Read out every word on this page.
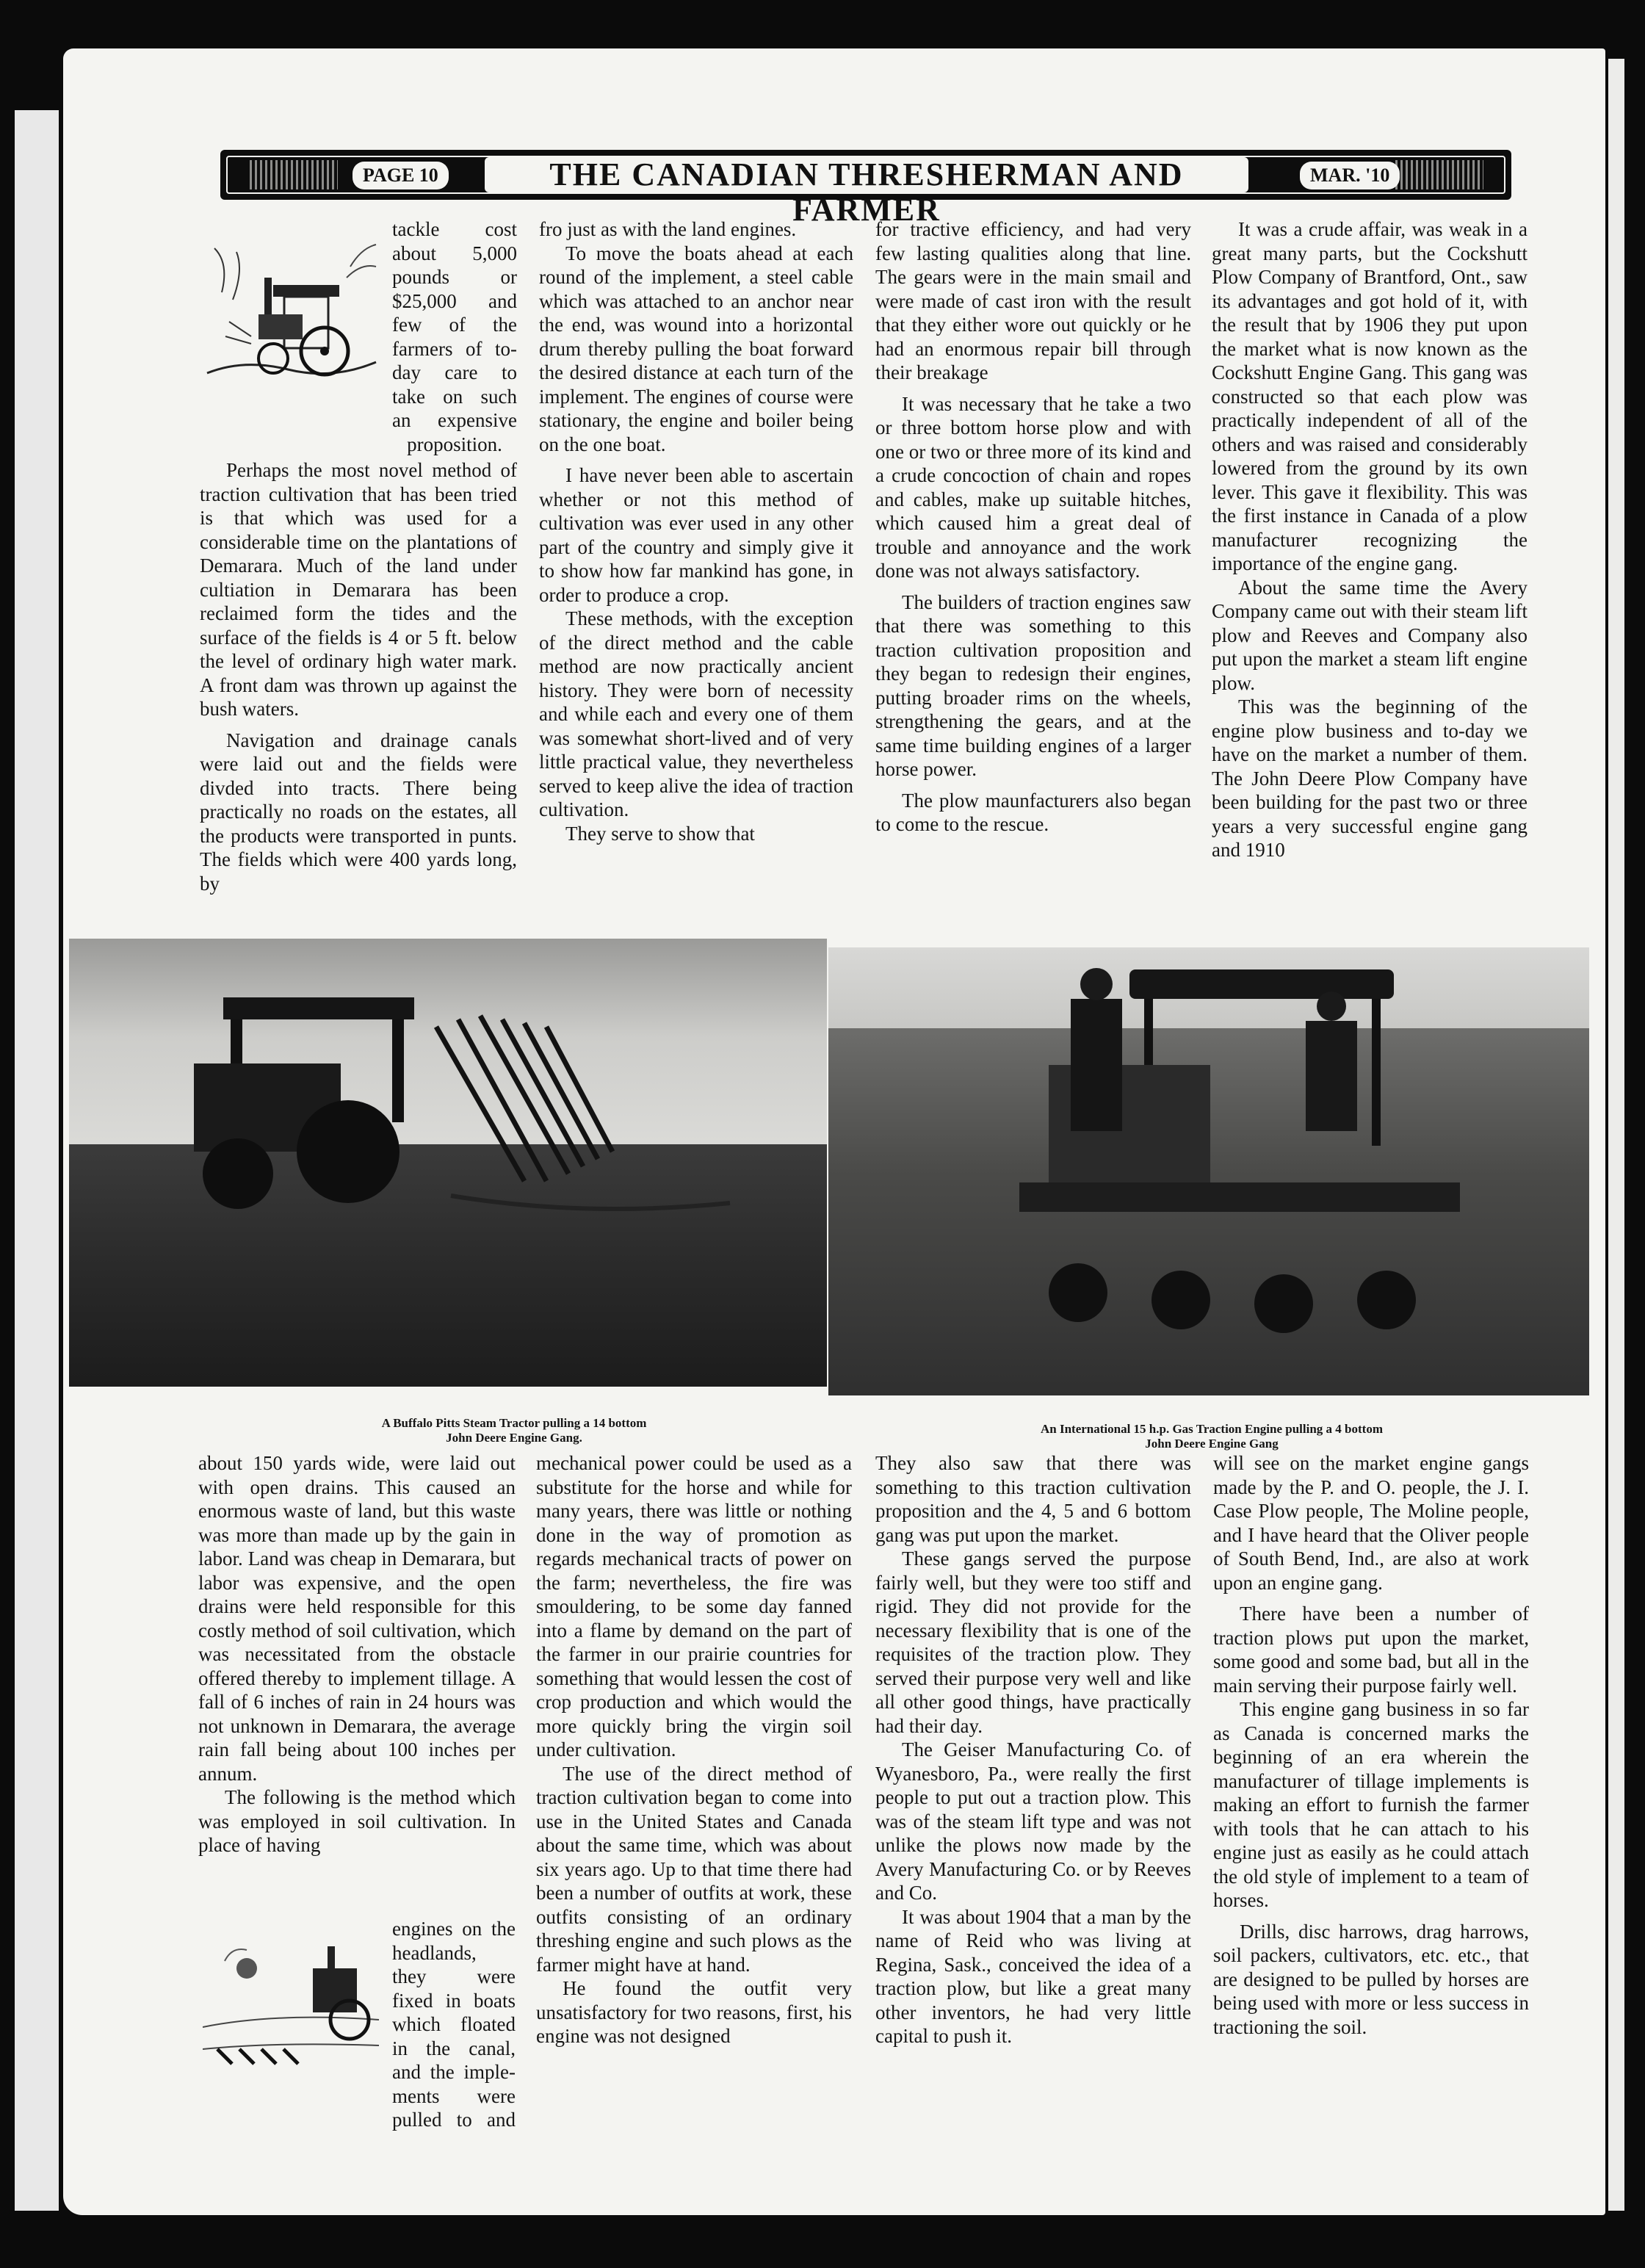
PAGE 10	THE CANADIAN THRESHERMAN AND FARMER
MAR. '10
tackle cost
about 5,000
pounds or
$25,000 and
few of the
farmers of to-
day care to
take on such
an expensive
proposition.

Perhaps the most novel method of traction cultivation that has been tried is that which was used for a considerable time on the plantations of Demarara. Much of the land under cultiation in Demarara has been reclaimed form the tides and the surface of the fields is 4 or 5 ft. below the level of ordinary high water mark. A front dam was thrown up against the bush waters.

Navigation and drainage canals were laid out and the fields were divded into tracts. There being practically no roads on the estates, all the products were transported in punts. The fields which were 400 yards long, by

fro just as with the land engines.

To move the boats ahead at each round of the implement, a steel cable which was attached to an anchor near the end, was wound into a horizontal drum thereby pulling the boat forward the desired distance at each turn of the implement. The engines of course were stationary, the engine and boiler being on the one boat.

I have never been able to ascertain whether or not this method of cultivation was ever used in any other part of the country and simply give it to show how far mankind has gone, in order to produce a crop.

These methods, with the exception of the direct method and the cable method are now practically ancient history. They were born of necessity and while each and every one of them was somewhat short-lived and of very little practical value, they nevertheless served to keep alive the idea of traction cultivation.

They serve to show that

for tractive efficiency, and had very few lasting qualities along that line. The gears were in the main smail and were made of cast iron with the result that they either wore out quickly or he had an enormous repair bill through their breakage

It was necessary that he take a two or three bottom horse plow and with one or two or three more of its kind and a crude concoction of chain and ropes and cables, make up suitable hitches, which caused him a great deal of trouble and annoyance and the work done was not always satisfactory.

The builders of traction engines saw that there was something to this traction cultivation proposition and they began to redesign their engines, putting broader rims on the wheels, strengthening the gears, and at the same time building engines of a larger horse power.

The plow maunfacturers also began to come to the rescue.

It was a crude affair, was weak in a great many parts, but the Cockshutt Plow Company of Brantford, Ont., saw its advantages and got hold of it, with the result that by 1906 they put upon the market what is now known as the Cockshutt Engine Gang. This gang was constructed so that each plow was practically independent of all of the others and was raised and considerably lowered from the ground by its own lever. This gave it flexibility. This was the first instance in Canada of a plow manufacturer recognizing the importance of the engine gang.

About the same time the Avery Company came out with their steam lift plow and Reeves and Company also put upon the market a steam lift engine plow.

This was the beginning of the engine plow business and to-day we have on the market a number of them. The John Deere Plow Company have been building for the past two or three years a very successful engine gang and 1910

A Buffalo Pitts Steam Tractor pulling a 14 bottom
John Deere Engine Gang.
An International 15 h.p. Gas Traction Engine pulling a 4 bottom
John Deere Engine Gang

about 150 yards wide, were laid out with open drains. This caused an enormous waste of land, but this waste was more than made up by the gain in labor. Land was cheap in Demarara, but labor was expensive, and the open drains were held responsible for this costly method of soil cultivation, which was necessitated from the obstacle offered thereby to implement tillage. A fall of 6 inches of rain in 24 hours was not unknown in Demarara, the average rain fall being about 100 inches per annum.

The following is the method which was employed in soil cultivation. In place of having

engines on the
headlands,
they were
fixed in boats
which floated
in the canal,
and the imple-
ments were
pulled to and

mechanical power could be used as a substitute for the horse and while for many years, there was little or nothing done in the way of promotion as regards mechanical tracts of power on the farm; nevertheless, the fire was smouldering, to be some day fanned into a flame by demand on the part of the farmer in our prairie countries for something that would lessen the cost of crop production and which would the more quickly bring the virgin soil under cultivation.

The use of the direct method of traction cultivation began to come into use in the United States and Canada about the same time, which was about six years ago. Up to that time there had been a number of outfits at work, these outfits consisting of an ordinary threshing engine and such plows as the farmer might have at hand.

He found the outfit very unsatisfactory for two reasons, first, his engine was not designed

They also saw that there was something to this traction cultivation proposition and the 4, 5 and 6 bottom gang was put upon the market.

These gangs served the purpose fairly well, but they were too stiff and rigid. They did not provide for the necessary flexibility that is one of the requisites of the traction plow. They served their purpose very well and like all other good things, have practically had their day.

The Geiser Manufacturing Co. of Wyanesboro, Pa., were really the first people to put out a traction plow. This was of the steam lift type and was not unlike the plows now made by the Avery Manufacturing Co. or by Reeves and Co.

It was about 1904 that a man by the name of Reid who was living at Regina, Sask., conceived the idea of a traction plow, but like a great many other inventors, he had very little capital to push it.

will see on the market engine gangs made by the P. and O. people, the J. I. Case Plow people, The Moline people, and I have heard that the Oliver people of South Bend, Ind., are also at work upon an engine gang.

There have been a number of traction plows put upon the market, some good and some bad, but all in the main serving their purpose fairly well.

This engine gang business in so far as Canada is concerned marks the beginning of an era wherein the manufacturer of tillage implements is making an effort to furnish the farmer with tools that he can attach to his engine just as easily as he could attach the old style of implement to a team of horses.

Drills, disc harrows, drag harrows, soil packers, cultivators, etc. etc., that are designed to be pulled by horses are being used with more or less success in tractioning the soil.
